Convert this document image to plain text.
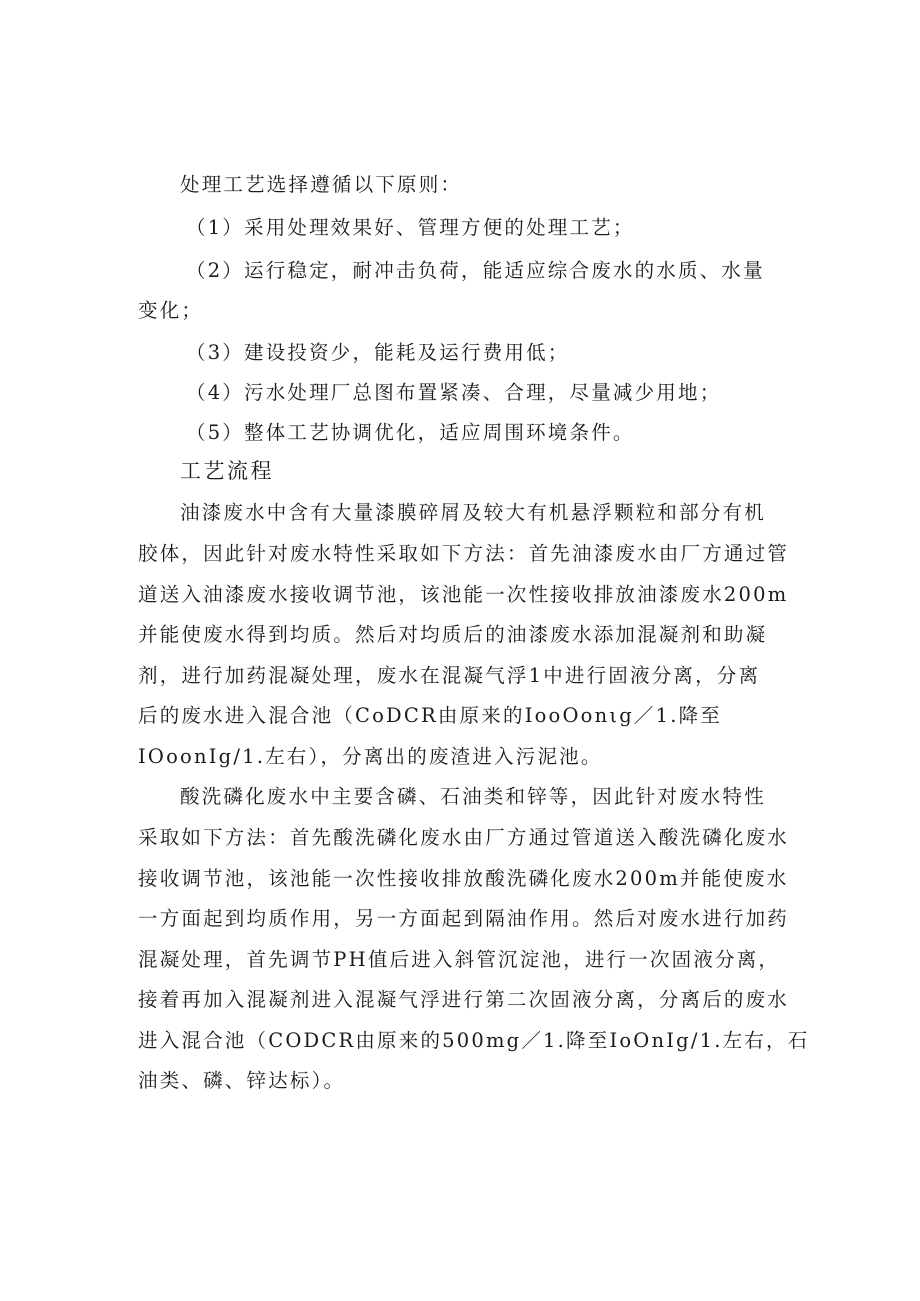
处理工艺选择遵循以下原则：
（1）采用处理效果好、管理方便的处理工艺；
（2）运行稳定，耐冲击负荷，能适应综合废水的水质、水量
变化；
（3）建设投资少，能耗及运行费用低；
（4）污水处理厂总图布置紧凑、合理，尽量减少用地；
（5）整体工艺协调优化，适应周围环境条件。
工艺流程
油漆废水中含有大量漆膜碎屑及较大有机悬浮颗粒和部分有机
胶体，因此针对废水特性采取如下方法：首先油漆废水由厂方通过管
道送入油漆废水接收调节池，该池能一次性接收排放油漆废水200m
并能使废水得到均质。然后对均质后的油漆废水添加混凝剂和助凝
剂，进行加药混凝处理，废水在混凝气浮1中进行固液分离，分离
后的废水进入混合池（CoDCR由原来的IooOonιg／1.降至
IOoonIg/1.左右），分离出的废渣进入污泥池。
酸洗磷化废水中主要含磷、石油类和锌等，因此针对废水特性
采取如下方法：首先酸洗磷化废水由厂方通过管道送入酸洗磷化废水
接收调节池，该池能一次性接收排放酸洗磷化废水200m并能使废水
一方面起到均质作用，另一方面起到隔油作用。然后对废水进行加药
混凝处理，首先调节PH值后进入斜管沉淀池，进行一次固液分离，
接着再加入混凝剂进入混凝气浮进行第二次固液分离，分离后的废水
进入混合池（CODCR由原来的500mg／1.降至IoOnIg/1.左右，石
油类、磷、锌达标）。
